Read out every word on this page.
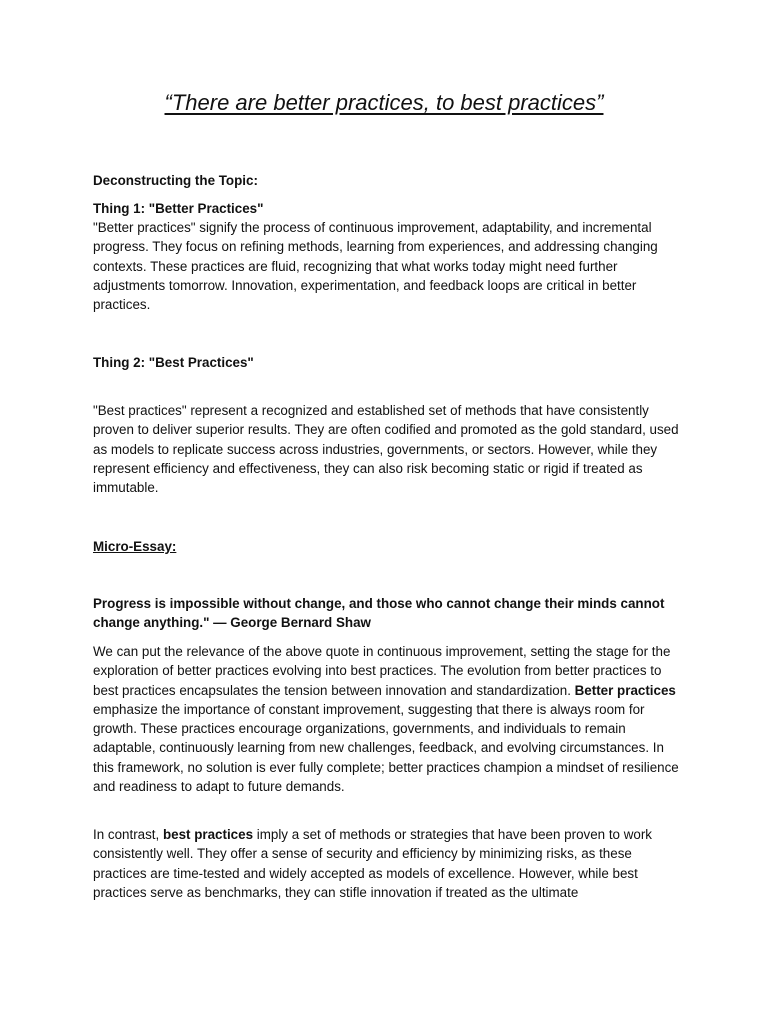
“There are better practices, to best practices”

Deconstructing the Topic:

Thing 1: "Better Practices"

"Better practices" signify the process of continuous improvement, adaptability, and incremental progress. They focus on refining methods, learning from experiences, and addressing changing contexts. These practices are fluid, recognizing that what works today might need further adjustments tomorrow. Innovation, experimentation, and feedback loops are critical in better practices.

Thing 2: "Best Practices"

"Best practices" represent a recognized and established set of methods that have consistently proven to deliver superior results. They are often codified and promoted as the gold standard, used as models to replicate success across industries, governments, or sectors. However, while they represent efficiency and effectiveness, they can also risk becoming static or rigid if treated as immutable.

Micro-Essay:

Progress is impossible without change, and those who cannot change their minds cannot change anything." — George Bernard Shaw

We can put the relevance of the above quote in continuous improvement, setting the stage for the exploration of better practices evolving into best practices. The evolution from better practices to best practices encapsulates the tension between innovation and standardization. Better practices emphasize the importance of constant improvement, suggesting that there is always room for growth. These practices encourage organizations, governments, and individuals to remain adaptable, continuously learning from new challenges, feedback, and evolving circumstances. In this framework, no solution is ever fully complete; better practices champion a mindset of resilience and readiness to adapt to future demands.

In contrast, best practices imply a set of methods or strategies that have been proven to work consistently well. They offer a sense of security and efficiency by minimizing risks, as these practices are time-tested and widely accepted as models of excellence. However, while best practices serve as benchmarks, they can stifle innovation if treated as the ultimate
